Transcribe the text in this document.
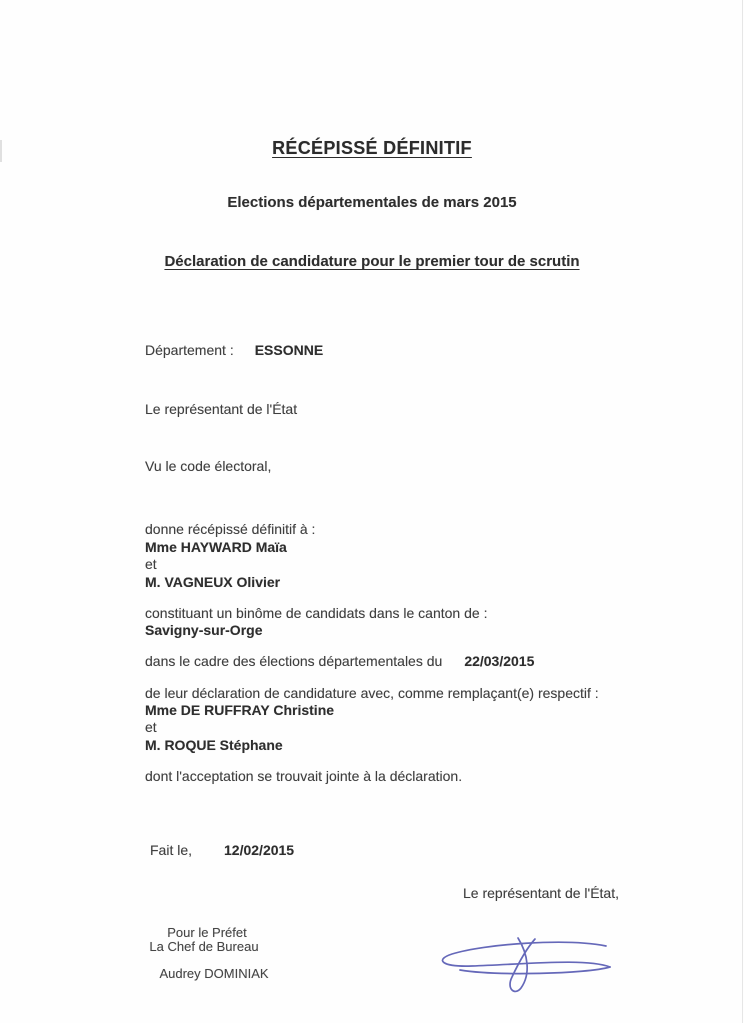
RÉCÉPISSÉ DÉFINITIF
Elections départementales de mars 2015
Déclaration de candidature pour le premier tour de scrutin
Département : ESSONNE
Le représentant de l'État
Vu le code électoral,
donne récépissé définitif à :
Mme HAYWARD Maïa
et
M. VAGNEUX Olivier
constituant un binôme de candidats dans le canton de :
Savigny-sur-Orge
dans le cadre des élections départementales du 22/03/2015
de leur déclaration de candidature avec, comme remplaçant(e) respectif :
Mme DE RUFFRAY Christine
et
M. ROQUE Stéphane
dont l'acceptation se trouvait jointe à la déclaration.
Fait le, 12/02/2015
Le représentant de l'État,
Pour le Préfet
La Chef de Bureau
Audrey DOMINIAK
